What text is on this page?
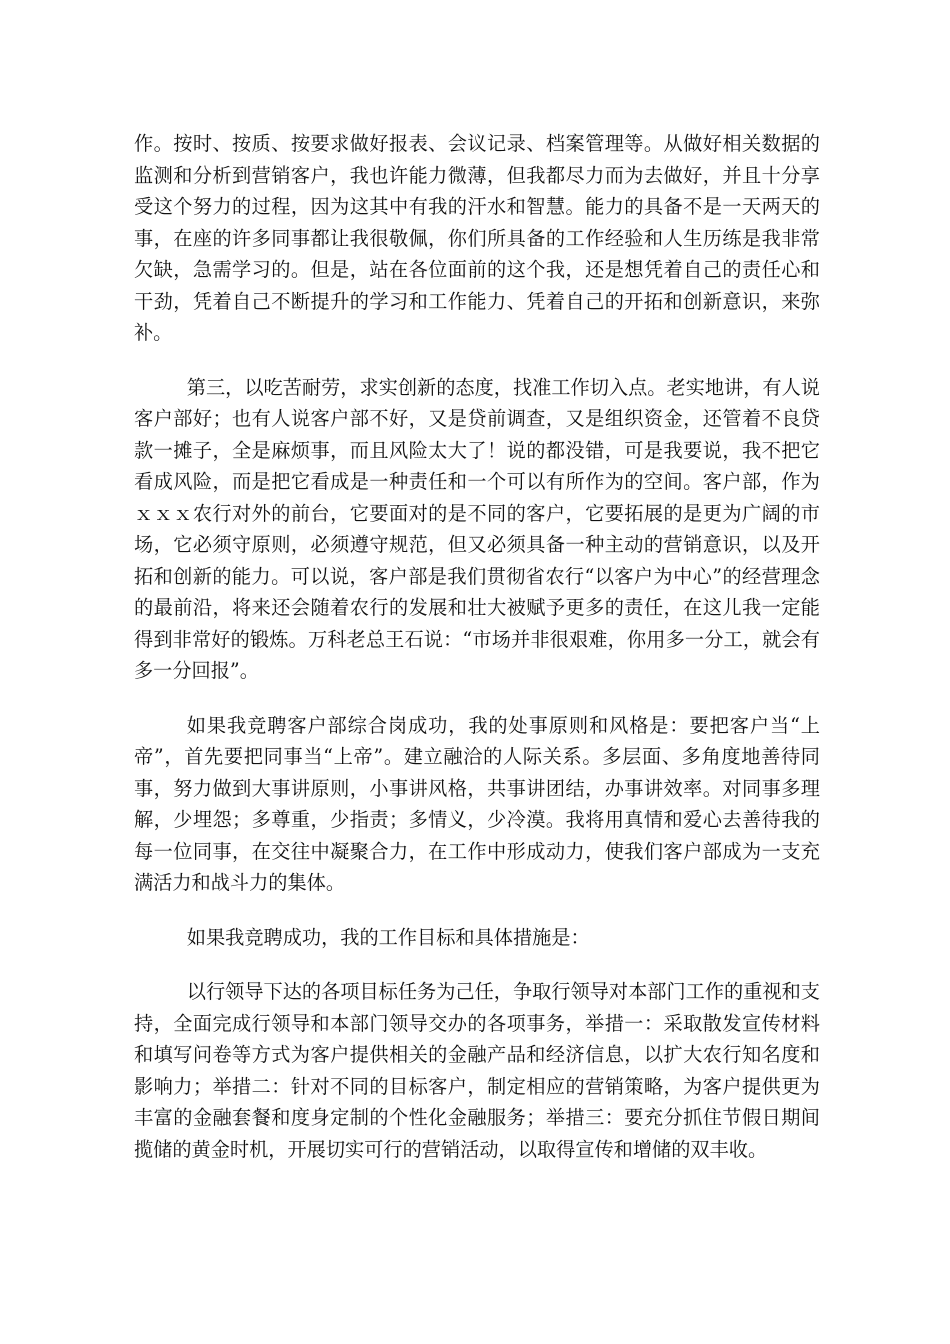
作。按时、按质、按要求做好报表、会议记录、档案管理等。从做好相关数据的监测和分析到营销客户，我也许能力微薄，但我都尽力而为去做好，并且十分享受这个努力的过程，因为这其中有我的汗水和智慧。能力的具备不是一天两天的事，在座的许多同事都让我很敬佩，你们所具备的工作经验和人生历练是我非常欠缺，急需学习的。但是，站在各位面前的这个我，还是想凭着自己的责任心和干劲，凭着自己不断提升的学习和工作能力、凭着自己的开拓和创新意识，来弥补。

第三，以吃苦耐劳，求实创新的态度，找准工作切入点。老实地讲，有人说客户部好；也有人说客户部不好，又是贷前调查，又是组织资金，还管着不良贷款一摊子，全是麻烦事，而且风险太大了！说的都没错，可是我要说，我不把它看成风险，而是把它看成是一种责任和一个可以有所作为的空间。客户部，作为ｘｘｘ农行对外的前台，它要面对的是不同的客户，它要拓展的是更为广阔的市场，它必须守原则，必须遵守规范，但又必须具备一种主动的营销意识，以及开拓和创新的能力。可以说，客户部是我们贯彻省农行“以客户为中心”的经营理念的最前沿，将来还会随着农行的发展和壮大被赋予更多的责任，在这儿我一定能得到非常好的锻炼。万科老总王石说：“市场并非很艰难，你用多一分工，就会有多一分回报”。

如果我竞聘客户部综合岗成功，我的处事原则和风格是：要把客户当“上帝”，首先要把同事当“上帝”。建立融洽的人际关系。多层面、多角度地善待同事，努力做到大事讲原则，小事讲风格，共事讲团结，办事讲效率。对同事多理解，少埋怨；多尊重，少指责；多情义，少冷漠。我将用真情和爱心去善待我的每一位同事，在交往中凝聚合力，在工作中形成动力，使我们客户部成为一支充满活力和战斗力的集体。

如果我竞聘成功，我的工作目标和具体措施是：

以行领导下达的各项目标任务为己任，争取行领导对本部门工作的重视和支持，全面完成行领导和本部门领导交办的各项事务，举措一：采取散发宣传材料和填写问卷等方式为客户提供相关的金融产品和经济信息，以扩大农行知名度和影响力；举措二：针对不同的目标客户，制定相应的营销策略，为客户提供更为丰富的金融套餐和度身定制的个性化金融服务；举措三：要充分抓住节假日期间揽储的黄金时机，开展切实可行的营销活动，以取得宣传和增储的双丰收。
